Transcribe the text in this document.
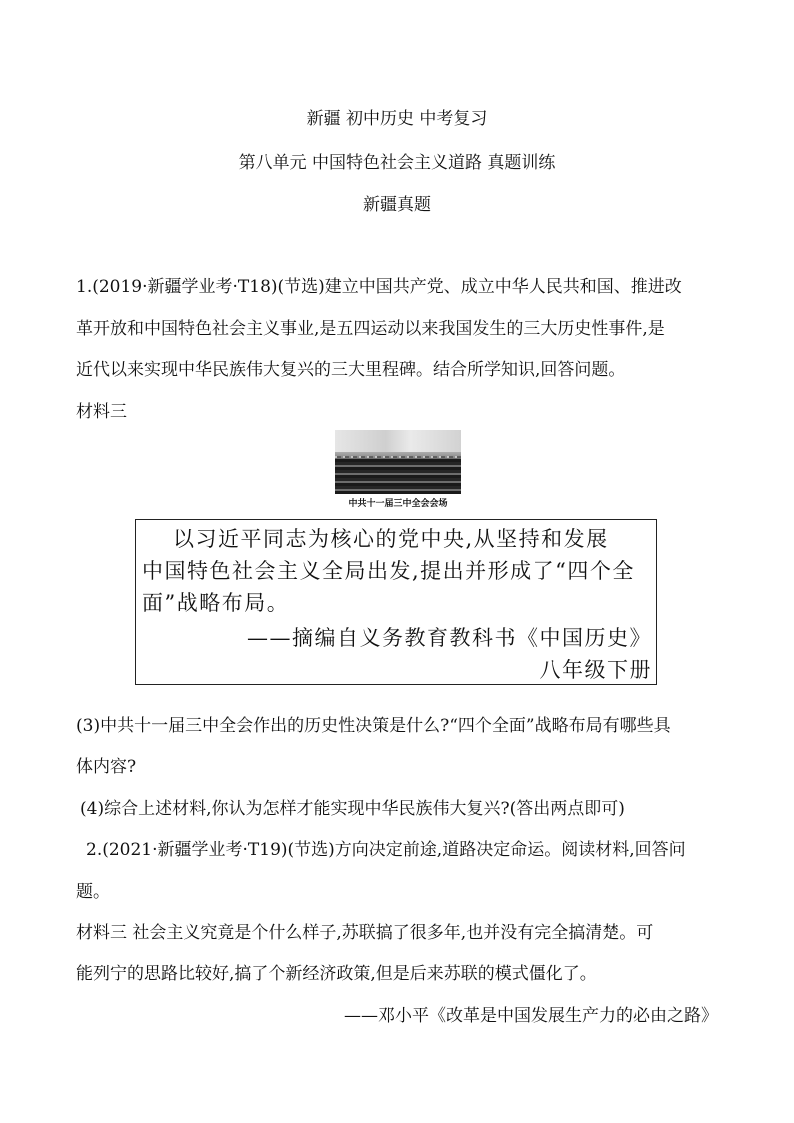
新疆 初中历史 中考复习
第八单元 中国特色社会主义道路 真题训练
新疆真题
1.(2019·新疆学业考·T18)(节选)建立中国共产党、成立中华人民共和国、推进改
革开放和中国特色社会主义事业,是五四运动以来我国发生的三大历史性事件,是
近代以来实现中华民族伟大复兴的三大里程碑。结合所学知识,回答问题。
材料三
中共十一届三中全会会场
以习近平同志为核心的党中央,从坚持和发展
中国特色社会主义全局出发,提出并形成了“四个全
面”战略布局。
——摘编自义务教育教科书《中国历史》
八年级下册
(3)中共十一届三中全会作出的历史性决策是什么?“四个全面”战略布局有哪些具
体内容?
(4)综合上述材料,你认为怎样才能实现中华民族伟大复兴?(答出两点即可)
2.(2021·新疆学业考·T19)(节选)方向决定前途,道路决定命运。阅读材料,回答问
题。
材料三 社会主义究竟是个什么样子,苏联搞了很多年,也并没有完全搞清楚。可
能列宁的思路比较好,搞了个新经济政策,但是后来苏联的模式僵化了。
——邓小平《改革是中国发展生产力的必由之路》
